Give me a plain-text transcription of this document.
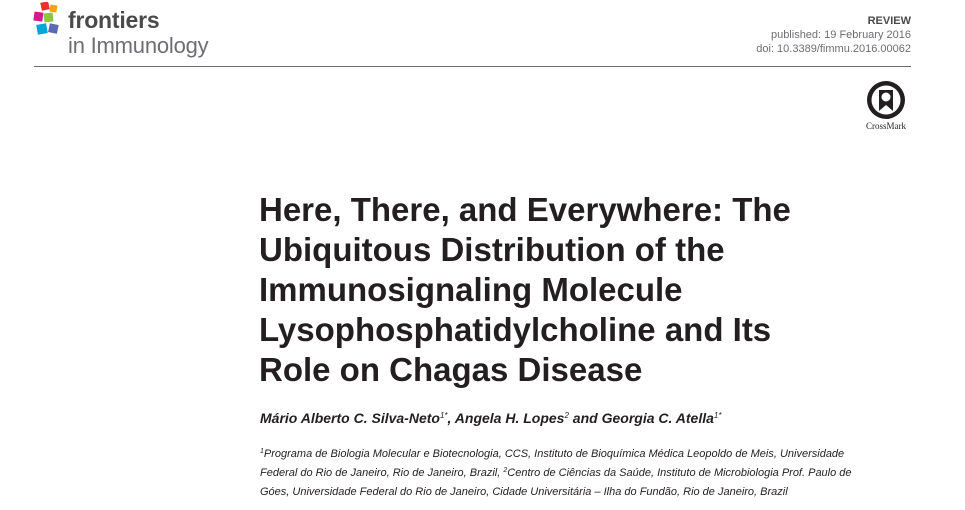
frontiers
in Immunology
REVIEW
published: 19 February 2016
doi: 10.3389/fimmu.2016.00062
CrossMark
Here, There, and Everywhere: The
Ubiquitous Distribution of the
Immunosignaling Molecule
Lysophosphatidylcholine and Its
Role on Chagas Disease
Mário Alberto C. Silva-Neto$^{1*}$, Angela H. Lopes$^2$ and Georgia C. Atella$^{1*}$
$^1$Programa de Biologia Molecular e Biotecnologia, CCS, Instituto de Bioquímica Médica Leopoldo de Meis, Universidade
Federal do Rio de Janeiro, Rio de Janeiro, Brazil, $^2$Centro de Ciências da Saúde, Instituto de Microbiologia Prof. Paulo de
Góes, Universidade Federal do Rio de Janeiro, Cidade Universitária – Ilha do Fundão, Rio de Janeiro, Brazil
